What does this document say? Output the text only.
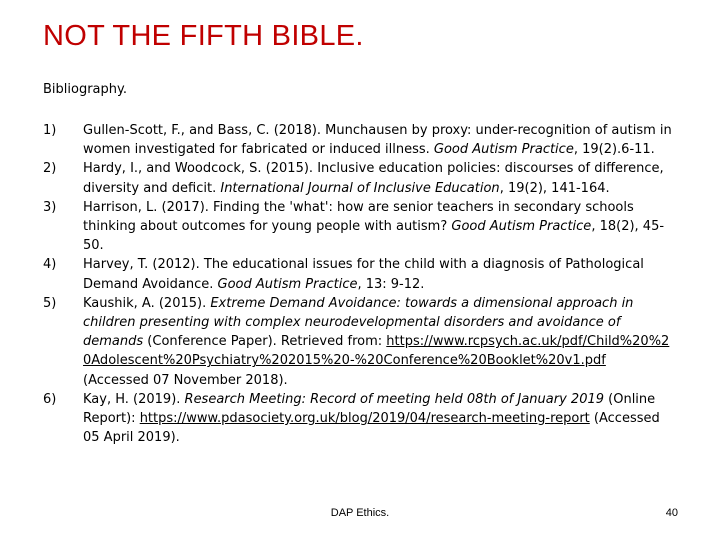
NOT THE FIFTH BIBLE.
Bibliography.
1)	Gullen-Scott, F., and Bass, C. (2018). Munchausen by proxy: under-recognition of autism in women investigated for fabricated or induced illness. Good Autism Practice, 19(2).6-11.
2)	Hardy, I., and Woodcock, S. (2015). Inclusive education policies: discourses of difference, diversity and deficit. International Journal of Inclusive Education, 19(2), 141-164.
3)	Harrison, L. (2017). Finding the 'what': how are senior teachers in secondary schools thinking about outcomes for young people with autism? Good Autism Practice, 18(2), 45-50.
4)	Harvey, T. (2012). The educational issues for the child with a diagnosis of Pathological Demand Avoidance. Good Autism Practice, 13: 9-12.
5)	Kaushik, A. (2015). Extreme Demand Avoidance: towards a dimensional approach in children presenting with complex neurodevelopmental disorders and avoidance of demands (Conference Paper). Retrieved from: https://www.rcpsych.ac.uk/pdf/Child%20%20Adolescent%20Psychiatry%202015%20-%20Conference%20Booklet%20v1.pdf (Accessed 07 November 2018).
6)	Kay, H. (2019). Research Meeting: Record of meeting held 08th of January 2019 (Online Report): https://www.pdasociety.org.uk/blog/2019/04/research-meeting-report (Accessed 05 April 2019).
DAP Ethics.	40
